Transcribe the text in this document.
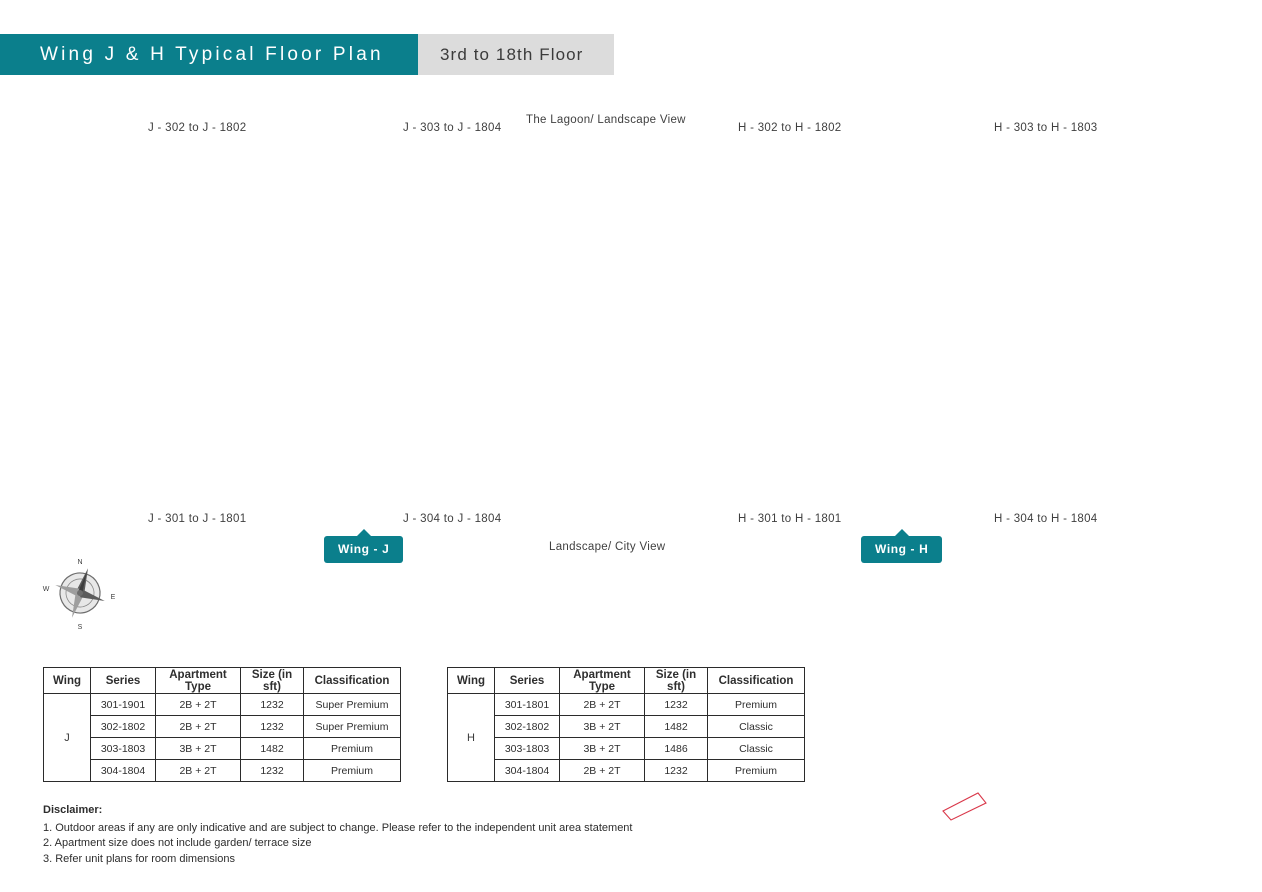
Wing J & H Typical Floor Plan	3rd to 18th Floor
J - 302 to J - 1802	J - 303 to J - 1804	H - 302 to H - 1802	H - 303 to H - 1803
J - 301 to J - 1801	J - 304 to J - 1804	H - 301 to H - 1801	H - 304 to H - 1804
The Lagoon/ Landscape View
Landscape/ City View
Wing - J	Wing - H
N
S
E
W
Wing	Series	Apartment Type	Size (in sft)	Classification
J	301-1901	2B + 2T	1232	Super Premium
	302-1802	2B + 2T	1232	Super Premium
	303-1803	3B + 2T	1482	Premium
	304-1804	2B + 2T	1232	Premium
Wing	Series	Apartment Type	Size (in sft)	Classification
H	301-1801	2B + 2T	1232	Premium
	302-1802	3B + 2T	1482	Classic
	303-1803	3B + 2T	1486	Classic
	304-1804	2B + 2T	1232	Premium
Disclaimer:
1. Outdoor areas if any are only indicative and are subject to change. Please refer to the independent unit area statement
2. Apartment size does not include garden/ terrace size
3. Refer unit plans for room dimensions
